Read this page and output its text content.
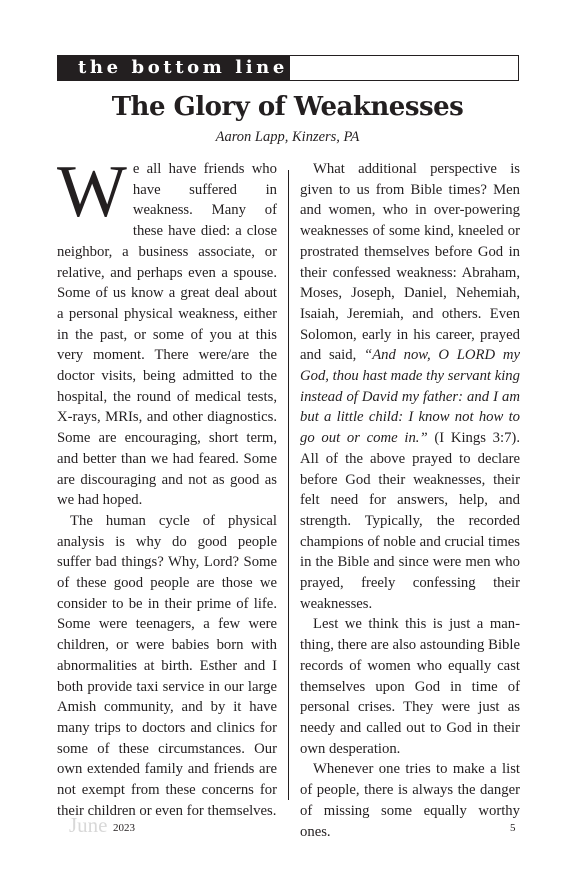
the bottom line
The Glory of Weaknesses
Aaron Lapp, Kinzers, PA

We all have friends who have suffered in weakness. Many of these have died: a close neighbor, a business associate, or relative, and perhaps even a spouse. Some of us know a great deal about a personal physical weakness, either in the past, or some of you at this very moment. There were/are the doctor visits, being admitted to the hospital, the round of medical tests, X-rays, MRIs, and other diagnostics. Some are encouraging, short term, and better than we had feared. Some are discouraging and not as good as we had hoped.

The human cycle of physical analysis is why do good people suffer bad things? Why, Lord? Some of these good people are those we consider to be in their prime of life. Some were teenagers, a few were children, or were babies born with abnormalities at birth. Esther and I both provide taxi service in our large Amish community, and by it have many trips to doctors and clinics for some of these circumstances. Our own extended family and friends are not exempt from these concerns for their children or even for themselves.

What additional perspective is given to us from Bible times? Men and women, who in over-powering weaknesses of some kind, kneeled or prostrated themselves before God in their confessed weakness: Abraham, Moses, Joseph, Daniel, Nehemiah, Isaiah, Jeremiah, and others. Even Solomon, early in his career, prayed and said, “And now, O LORD my God, thou hast made thy servant king instead of David my father: and I am but a little child: I know not how to go out or come in.” (I Kings 3:7). All of the above prayed to declare before God their weaknesses, their felt need for answers, help, and strength. Typically, the recorded champions of noble and crucial times in the Bible and since were men who prayed, freely confessing their weaknesses.

Lest we think this is just a man-thing, there are also astounding Bible records of women who equally cast themselves upon God in time of personal crises. They were just as needy and called out to God in their own desperation.

Whenever one tries to make a list of people, there is always the danger of missing some equally worthy ones.

June 2023	5
